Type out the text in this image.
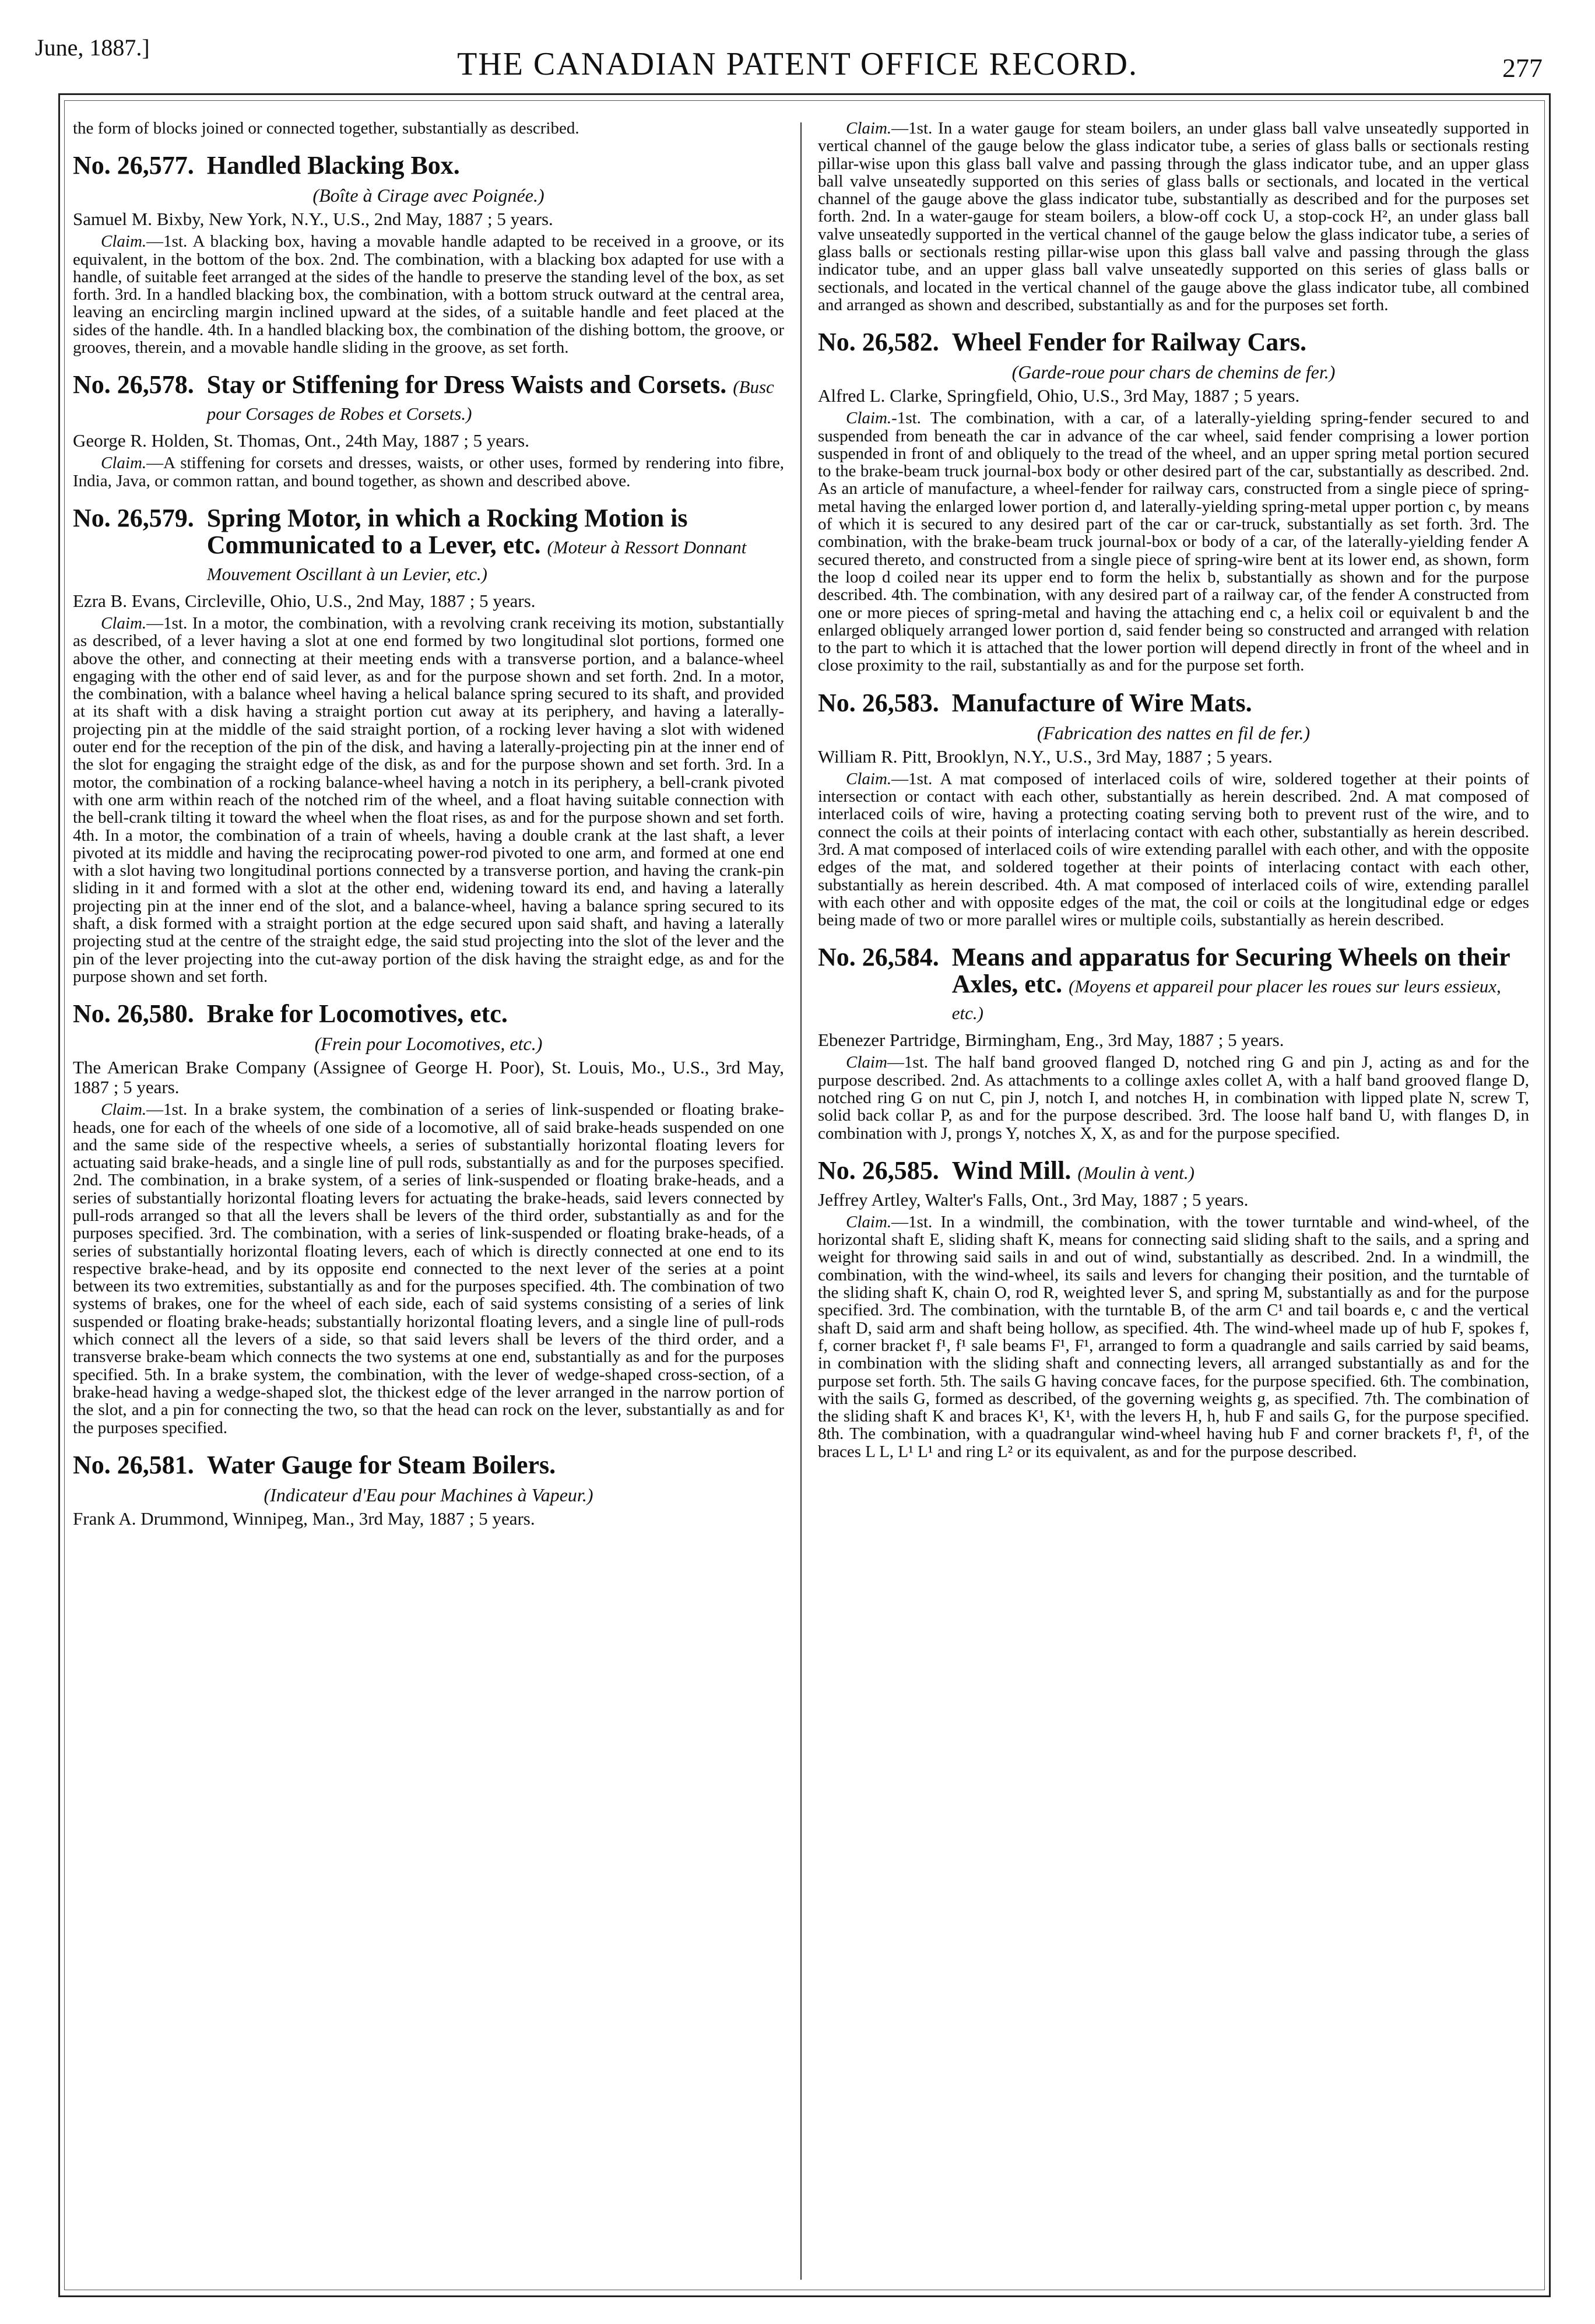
June, 1887.]	THE CANADIAN PATENT OFFICE RECORD.	277

the form of blocks joined or connected together, substantially as described.

No. 26,577. Handled Blacking Box.
(Boîte à Cirage avec Poignée.)
Samuel M. Bixby, New York, N.Y., U.S., 2nd May, 1887 ; 5 years.

Claim.—1st. A blacking box, having a movable handle adapted to be received in a groove, or its equivalent, in the bottom of the box. 2nd. The combination, with a blacking box adapted for use with a handle, of suitable feet arranged at the sides of the handle to preserve the standing level of the box, as set forth. 3rd. In a handled blacking box, the combination, with a bottom struck outward at the central area, leaving an encircling margin inclined upward at the sides, of a suitable handle and feet placed at the sides of the handle. 4th. In a handled blacking box, the combination of the dishing bottom, the groove, or grooves, therein, and a movable handle sliding in the groove, as set forth.

No. 26,578. Stay or Stiffening for Dress Waists and Corsets. (Busc pour Corsages de Robes et Corsets.)
George R. Holden, St. Thomas, Ont., 24th May, 1887 ; 5 years.

Claim.—A stiffening for corsets and dresses, waists, or other uses, formed by rendering into fibre, India, Java, or common rattan, and bound together, as shown and described above.

No. 26,579. Spring Motor, in which a Rocking Motion is Communicated to a Lever, etc. (Moteur à Ressort Donnant Mouvement Oscillant à un Levier, etc.)
Ezra B. Evans, Circleville, Ohio, U.S., 2nd May, 1887 ; 5 years.

Claim.—1st. In a motor, the combination, with a revolving crank receiving its motion, substantially as described, of a lever having a slot at one end formed by two longitudinal slot portions, formed one above the other, and connecting at their meeting ends with a transverse portion, and a balance-wheel engaging with the other end of said lever, as and for the purpose shown and set forth. 2nd. In a motor, the combination, with a balance wheel having a helical balance spring secured to its shaft, and provided at its shaft with a disk having a straight portion cut away at its periphery, and having a laterally-projecting pin at the middle of the said straight portion, of a rocking lever having a slot with widened outer end for the reception of the pin of the disk, and having a laterally-projecting pin at the inner end of the slot for engaging the straight edge of the disk, as and for the purpose shown and set forth. 3rd. In a motor, the combination of a rocking balance-wheel having a notch in its periphery, a bell-crank pivoted with one arm within reach of the notched rim of the wheel, and a float having suitable connection with the bell-crank tilting it toward the wheel when the float rises, as and for the purpose shown and set forth. 4th. In a motor, the combination of a train of wheels, having a double crank at the last shaft, a lever pivoted at its middle and having the reciprocating power-rod pivoted to one arm, and formed at one end with a slot having two longitudinal portions connected by a transverse portion, and having the crank-pin sliding in it and formed with a slot at the other end, widening toward its end, and having a laterally projecting pin at the inner end of the slot, and a balance-wheel, having a balance spring secured to its shaft, a disk formed with a straight portion at the edge secured upon said shaft, and having a laterally projecting stud at the centre of the straight edge, the said stud projecting into the slot of the lever and the pin of the lever projecting into the cut-away portion of the disk having the straight edge, as and for the purpose shown and set forth.

No. 26,580. Brake for Locomotives, etc.
(Frein pour Locomotives, etc.)
The American Brake Company (Assignee of George H. Poor), St. Louis, Mo., U.S., 3rd May, 1887 ; 5 years.

Claim.—1st. In a brake system, the combination of a series of link-suspended or floating brake-heads, one for each of the wheels of one side of a locomotive, all of said brake-heads suspended on one and the same side of the respective wheels, a series of substantially horizontal floating levers for actuating said brake-heads, and a single line of pull rods, substantially as and for the purposes specified. 2nd. The combination, in a brake system, of a series of link-suspended or floating brake-heads, and a series of substantially horizontal floating levers for actuating the brake-heads, said levers connected by pull-rods arranged so that all the levers shall be levers of the third order, substantially as and for the purposes specified. 3rd. The combination, with a series of link-suspended or floating brake-heads, of a series of substantially horizontal floating levers, each of which is directly connected at one end to its respective brake-head, and by its opposite end connected to the next lever of the series at a point between its two extremities, substantially as and for the purposes specified. 4th. The combination of two systems of brakes, one for the wheel of each side, each of said systems consisting of a series of link suspended or floating brake-heads; substantially horizontal floating levers, and a single line of pull-rods which connect all the levers of a side, so that said levers shall be levers of the third order, and a transverse brake-beam which connects the two systems at one end, substantially as and for the purposes specified. 5th. In a brake system, the combination, with the lever of wedge-shaped cross-section, of a brake-head having a wedge-shaped slot, the thickest edge of the lever arranged in the narrow portion of the slot, and a pin for connecting the two, so that the head can rock on the lever, substantially as and for the purposes specified.

No. 26,581. Water Gauge for Steam Boilers.
(Indicateur d'Eau pour Machines à Vapeur.)
Frank A. Drummond, Winnipeg, Man., 3rd May, 1887 ; 5 years.

Claim.—1st. In a water gauge for steam boilers, an under glass ball valve unseatedly supported in vertical channel of the gauge below the glass indicator tube, a series of glass balls or sectionals resting pillar-wise upon this glass ball valve and passing through the glass indicator tube, and an upper glass ball valve unseatedly supported on this series of glass balls or sectionals, and located in the vertical channel of the gauge above the glass indicator tube, substantially as described and for the purposes set forth. 2nd. In a water-gauge for steam boilers, a blow-off cock U, a stop-cock H², an under glass ball valve unseatedly supported in the vertical channel of the gauge below the glass indicator tube, a series of glass balls or sectionals resting pillar-wise upon this glass ball valve and passing through the glass indicator tube, and an upper glass ball valve unseatedly supported on this series of glass balls or sectionals, and located in the vertical channel of the gauge above the glass indicator tube, all combined and arranged as shown and described, substantially as and for the purposes set forth.

No. 26,582. Wheel Fender for Railway Cars.
(Garde-roue pour chars de chemins de fer.)
Alfred L. Clarke, Springfield, Ohio, U.S., 3rd May, 1887 ; 5 years.

Claim.-1st. The combination, with a car, of a laterally-yielding spring-fender secured to and suspended from beneath the car in advance of the car wheel, said fender comprising a lower portion suspended in front of and obliquely to the tread of the wheel, and an upper spring metal portion secured to the brake-beam truck journal-box body or other desired part of the car, substantially as described. 2nd. As an article of manufacture, a wheel-fender for railway cars, constructed from a single piece of spring-metal having the enlarged lower portion d, and laterally-yielding spring-metal upper portion c, by means of which it is secured to any desired part of the car or car-truck, substantially as set forth. 3rd. The combination, with the brake-beam truck journal-box or body of a car, of the laterally-yielding fender A secured thereto, and constructed from a single piece of spring-wire bent at its lower end, as shown, form the loop d coiled near its upper end to form the helix b, substantially as shown and for the purpose described. 4th. The combination, with any desired part of a railway car, of the fender A constructed from one or more pieces of spring-metal and having the attaching end c, a helix coil or equivalent b and the enlarged obliquely arranged lower portion d, said fender being so constructed and arranged with relation to the part to which it is attached that the lower portion will depend directly in front of the wheel and in close proximity to the rail, substantially as and for the purpose set forth.

No. 26,583. Manufacture of Wire Mats.
(Fabrication des nattes en fil de fer.)
William R. Pitt, Brooklyn, N.Y., U.S., 3rd May, 1887 ; 5 years.

Claim.—1st. A mat composed of interlaced coils of wire, soldered together at their points of intersection or contact with each other, substantially as herein described. 2nd. A mat composed of interlaced coils of wire, having a protecting coating serving both to prevent rust of the wire, and to connect the coils at their points of interlacing contact with each other, substantially as herein described. 3rd. A mat composed of interlaced coils of wire extending parallel with each other, and with the opposite edges of the mat, and soldered together at their points of interlacing contact with each other, substantially as herein described. 4th. A mat composed of interlaced coils of wire, extending parallel with each other and with opposite edges of the mat, the coil or coils at the longitudinal edge or edges being made of two or more parallel wires or multiple coils, substantially as herein described.

No. 26,584. Means and apparatus for Securing Wheels on their Axles, etc. (Moyens et appareil pour placer les roues sur leurs essieux, etc.)
Ebenezer Partridge, Birmingham, Eng., 3rd May, 1887 ; 5 years.

Claim—1st. The half band grooved flanged D, notched ring G and pin J, acting as and for the purpose described. 2nd. As attachments to a collinge axles collet A, with a half band grooved flange D, notched ring G on nut C, pin J, notch I, and notches H, in combination with lipped plate N, screw T, solid back collar P, as and for the purpose described. 3rd. The loose half band U, with flanges D, in combination with J, prongs Y, notches X, X, as and for the purpose specified.

No. 26,585. Wind Mill. (Moulin à vent.)
Jeffrey Artley, Walter's Falls, Ont., 3rd May, 1887 ; 5 years.

Claim.—1st. In a windmill, the combination, with the tower turntable and wind-wheel, of the horizontal shaft E, sliding shaft K, means for connecting said sliding shaft to the sails, and a spring and weight for throwing said sails in and out of wind, substantially as described. 2nd. In a windmill, the combination, with the wind-wheel, its sails and levers for changing their position, and the turntable of the sliding shaft K, chain O, rod R, weighted lever S, and spring M, substantially as and for the purpose specified. 3rd. The combination, with the turntable B, of the arm C¹ and tail boards e, c and the vertical shaft D, said arm and shaft being hollow, as specified. 4th. The wind-wheel made up of hub F, spokes f, f, corner bracket f¹, f¹ sale beams F¹, F¹, arranged to form a quadrangle and sails carried by said beams, in combination with the sliding shaft and connecting levers, all arranged substantially as and for the purpose set forth. 5th. The sails G having concave faces, for the purpose specified. 6th. The combination, with the sails G, formed as described, of the governing weights g, as specified. 7th. The combination of the sliding shaft K and braces K¹, K¹, with the levers H, h, hub F and sails G, for the purpose specified. 8th. The combination, with a quadrangular wind-wheel having hub F and corner brackets f¹, f¹, of the braces L L, L¹ L¹ and ring L² or its equivalent, as and for the purpose described.
